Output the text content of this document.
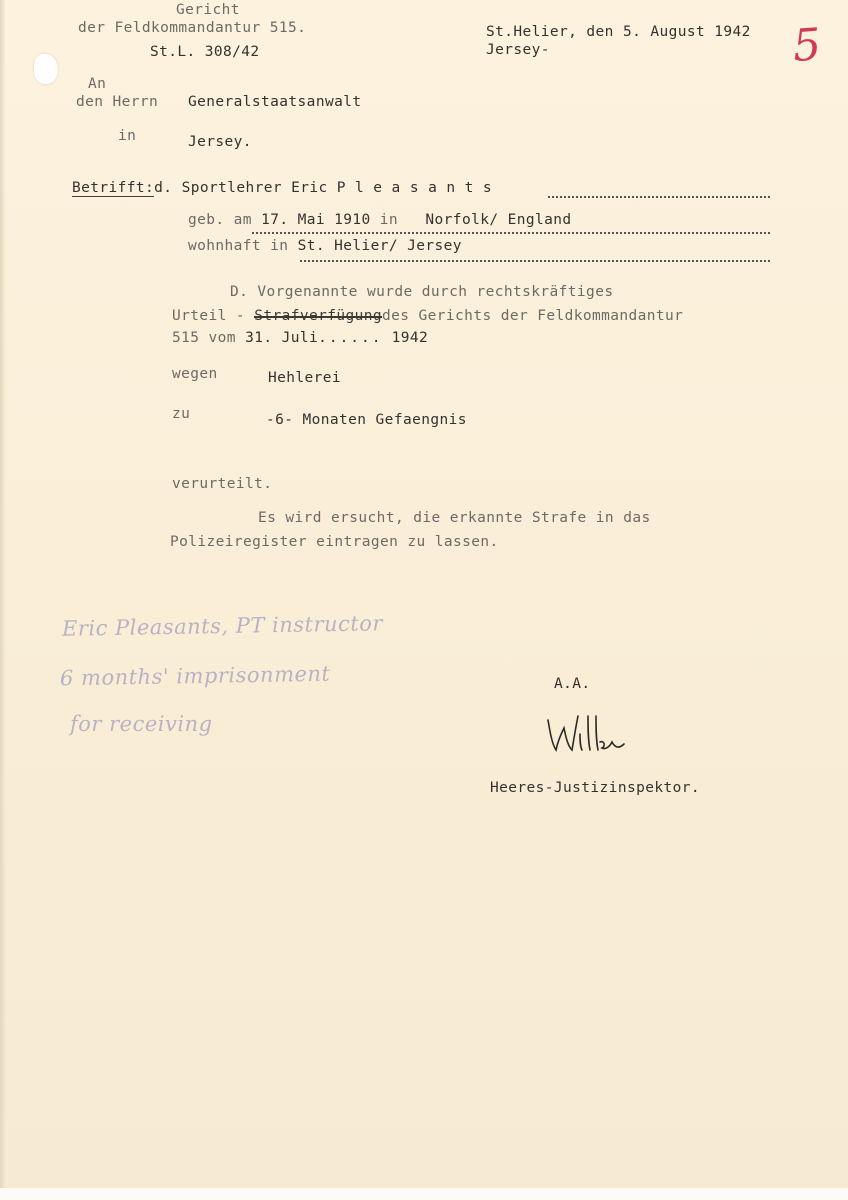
Gericht
der Feldkommandantur 515.
St.L. 308/42
St.Helier, den 5. August 1942
Jersey-	5
An
den Herrn Generalstaatsanwalt
in	Jersey.
Betrifft:d. Sportlehrer Eric P l e a s a n t s
geb. am 17. Mai 1910 in Norfolk/ England
wohnhaft in St. Helier/ Jersey
D. Vorgenannte wurde durch rechtskräftiges
Urteil - Strafverfügungdes Gerichts der Feldkommandantur
515 vom 31. Juli...... 1942
wegen	Hehlerei
zu	-6- Monaten Gefaengnis
verurteilt.
Es wird ersucht, die erkannte Strafe in das
Polizeiregister eintragen zu lassen.
Eric Pleasants, PT instructor
6 months' imprisonment
for receiving
A.A.
Heeres-Justizinspektor.
